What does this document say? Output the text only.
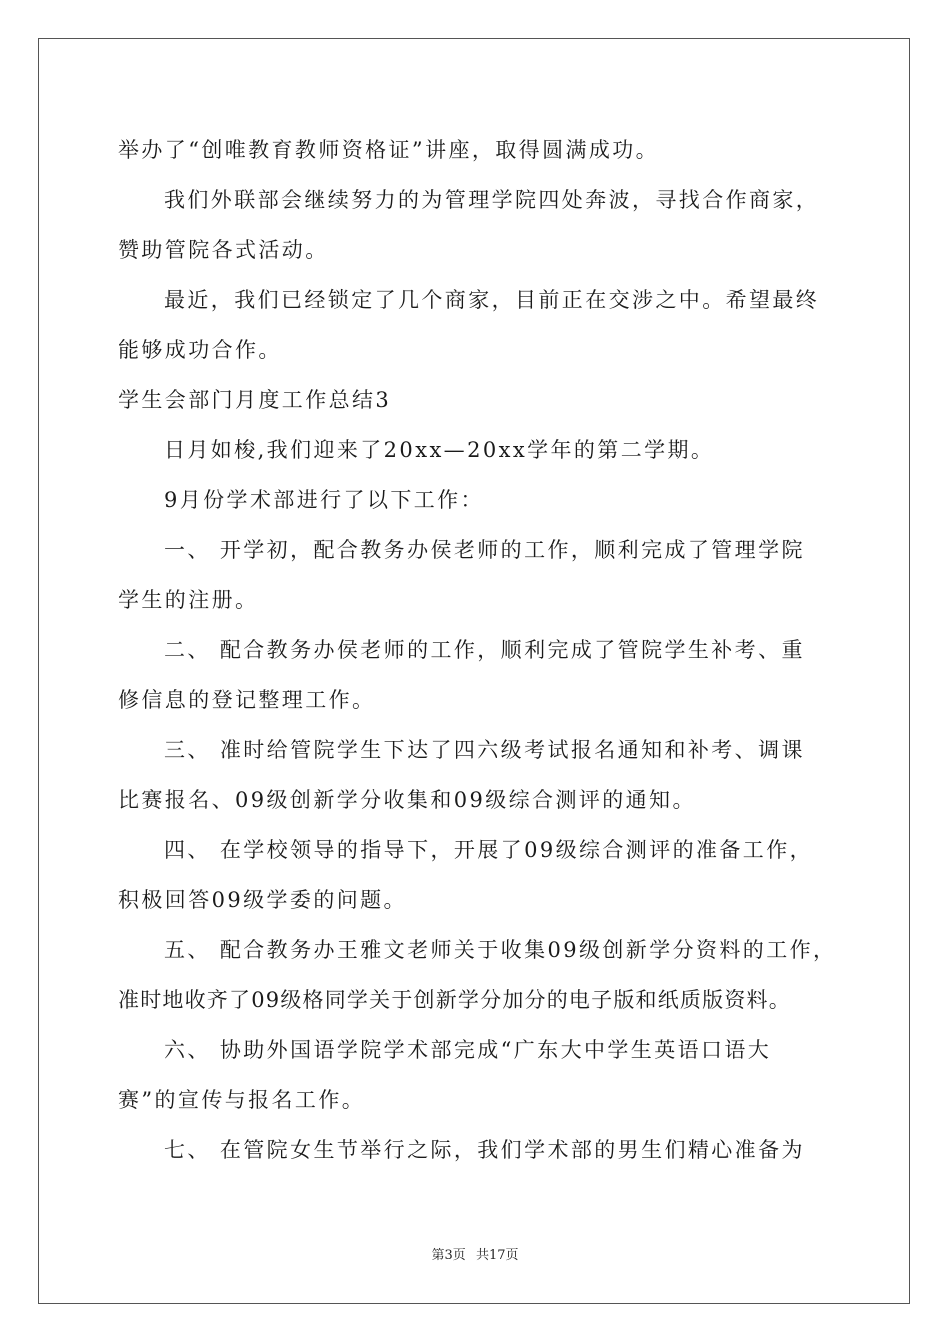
举办了“创唯教育教师资格证”讲座，取得圆满成功。
我们外联部会继续努力的为管理学院四处奔波，寻找合作商家，
赞助管院各式活动。
最近，我们已经锁定了几个商家，目前正在交涉之中。希望最终
能够成功合作。
学生会部门月度工作总结3
日月如梭,我们迎来了20xx—20xx学年的第二学期。
9月份学术部进行了以下工作：
一、 开学初，配合教务办侯老师的工作，顺利完成了管理学院
学生的注册。
二、 配合教务办侯老师的工作，顺利完成了管院学生补考、重
修信息的登记整理工作。
三、 准时给管院学生下达了四六级考试报名通知和补考、调课
比赛报名、09级创新学分收集和09级综合测评的通知。
四、 在学校领导的指导下，开展了09级综合测评的准备工作，
积极回答09级学委的问题。
五、 配合教务办王雅文老师关于收集09级创新学分资料的工作，
准时地收齐了09级格同学关于创新学分加分的电子版和纸质版资料。
六、 协助外国语学院学术部完成“广东大中学生英语口语大
赛”的宣传与报名工作。
七、 在管院女生节举行之际，我们学术部的男生们精心准备为
第3页 共17页
